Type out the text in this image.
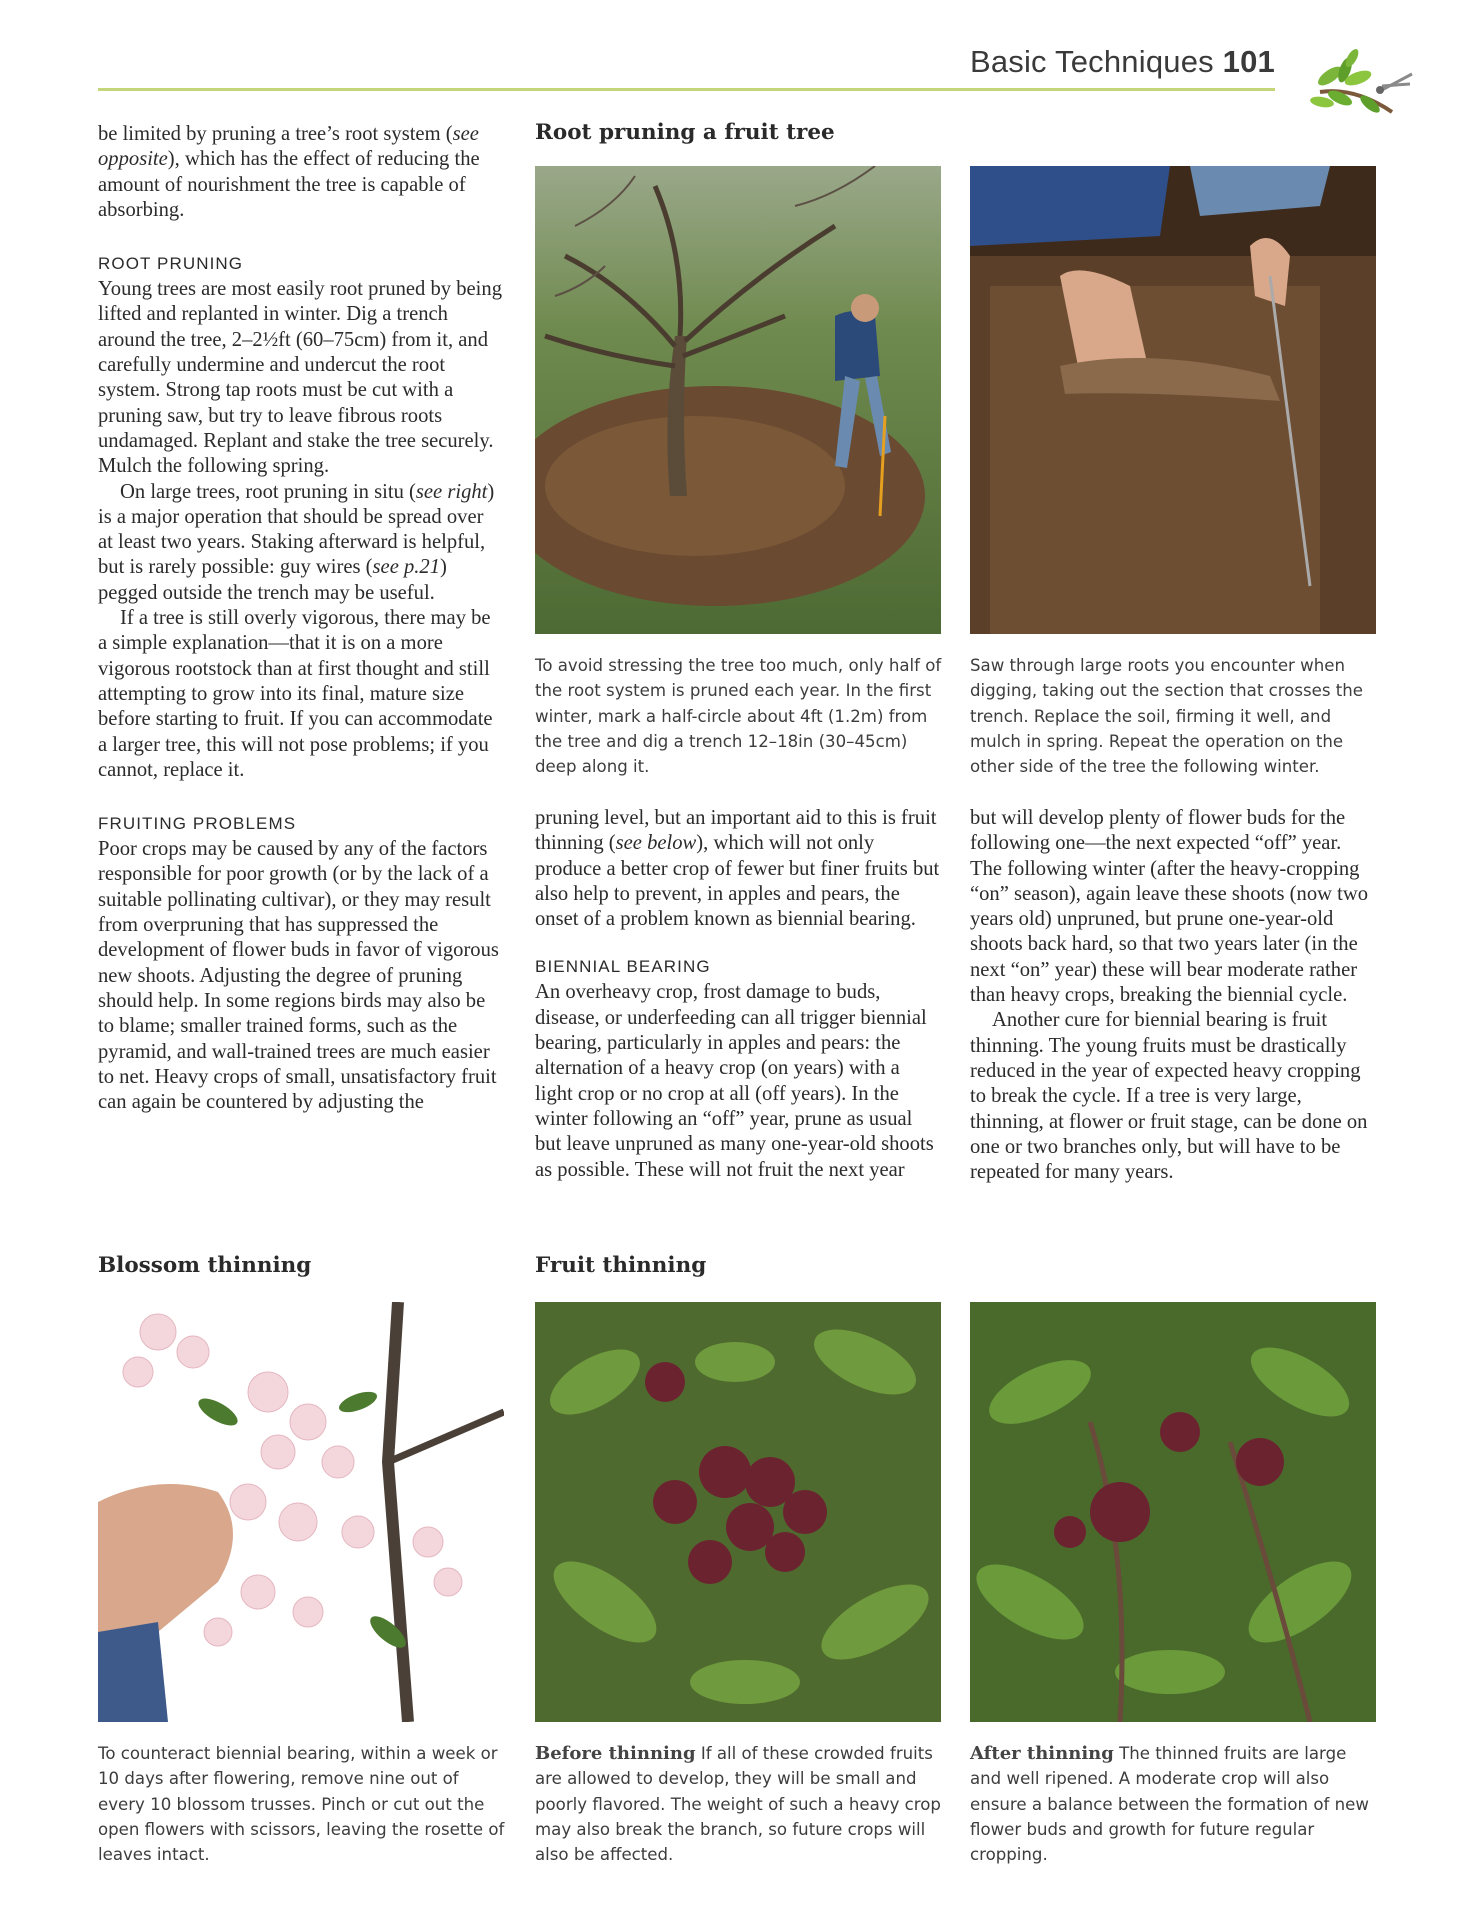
Basic Techniques 101

be limited by pruning a tree’s root system (see opposite), which has the effect of reducing the amount of nourishment the tree is capable of absorbing.

ROOT PRUNING

Young trees are most easily root pruned by being lifted and replanted in winter. Dig a trench around the tree, 2–2½ft (60–75cm) from it, and carefully undermine and undercut the root system. Strong tap roots must be cut with a pruning saw, but try to leave fibrous roots undamaged. Replant and stake the tree securely. Mulch the following spring.

On large trees, root pruning in situ (see right) is a major operation that should be spread over at least two years. Staking afterward is helpful, but is rarely possible: guy wires (see p.21) pegged outside the trench may be useful.

If a tree is still overly vigorous, there may be a simple explanation—that it is on a more vigorous rootstock than at first thought and still attempting to grow into its final, mature size before starting to fruit. If you can accommodate a larger tree, this will not pose problems; if you cannot, replace it.

FRUITING PROBLEMS

Poor crops may be caused by any of the factors responsible for poor growth (or by the lack of a suitable pollinating cultivar), or they may result from overpruning that has suppressed the development of flower buds in favor of vigorous new shoots. Adjusting the degree of pruning should help. In some regions birds may also be to blame; smaller trained forms, such as the pyramid, and wall-trained trees are much easier to net. Heavy crops of small, unsatisfactory fruit can again be countered by adjusting the

Root pruning a fruit tree
To avoid stressing the tree too much, only half of the root system is pruned each year. In the first winter, mark a half-circle about 4ft (1.2m) from the tree and dig a trench 12–18in (30–45cm) deep along it.
Saw through large roots you encounter when digging, taking out the section that crosses the trench. Replace the soil, firming it well, and mulch in spring. Repeat the operation on the other side of the tree the following winter.

pruning level, but an important aid to this is fruit thinning (see below), which will not only produce a better crop of fewer but finer fruits but also help to prevent, in apples and pears, the onset of a problem known as biennial bearing.

BIENNIAL BEARING

An overheavy crop, frost damage to buds, disease, or underfeeding can all trigger biennial bearing, particularly in apples and pears: the alternation of a heavy crop (on years) with a light crop or no crop at all (off years). In the winter following an “off” year, prune as usual but leave unpruned as many one-year-old shoots as possible. These will not fruit the next year

but will develop plenty of flower buds for the following one—the next expected “off” year. The following winter (after the heavy-cropping “on” season), again leave these shoots (now two years old) unpruned, but prune one-year-old shoots back hard, so that two years later (in the next “on” year) these will bear moderate rather than heavy crops, breaking the biennial cycle.

Another cure for biennial bearing is fruit thinning. The young fruits must be drastically reduced in the year of expected heavy cropping to break the cycle. If a tree is very large, thinning, at flower or fruit stage, can be done on one or two branches only, but will have to be repeated for many years.

Blossom thinning	Fruit thinning
To counteract biennial bearing, within a week or 10 days after flowering, remove nine out of every 10 blossom trusses. Pinch or cut out the open flowers with scissors, leaving the rosette of leaves intact.
Before thinning If all of these crowded fruits are allowed to develop, they will be small and poorly flavored. The weight of such a heavy crop may also break the branch, so future crops will also be affected.
After thinning The thinned fruits are large and well ripened. A moderate crop will also ensure a balance between the formation of new flower buds and growth for future regular cropping.
